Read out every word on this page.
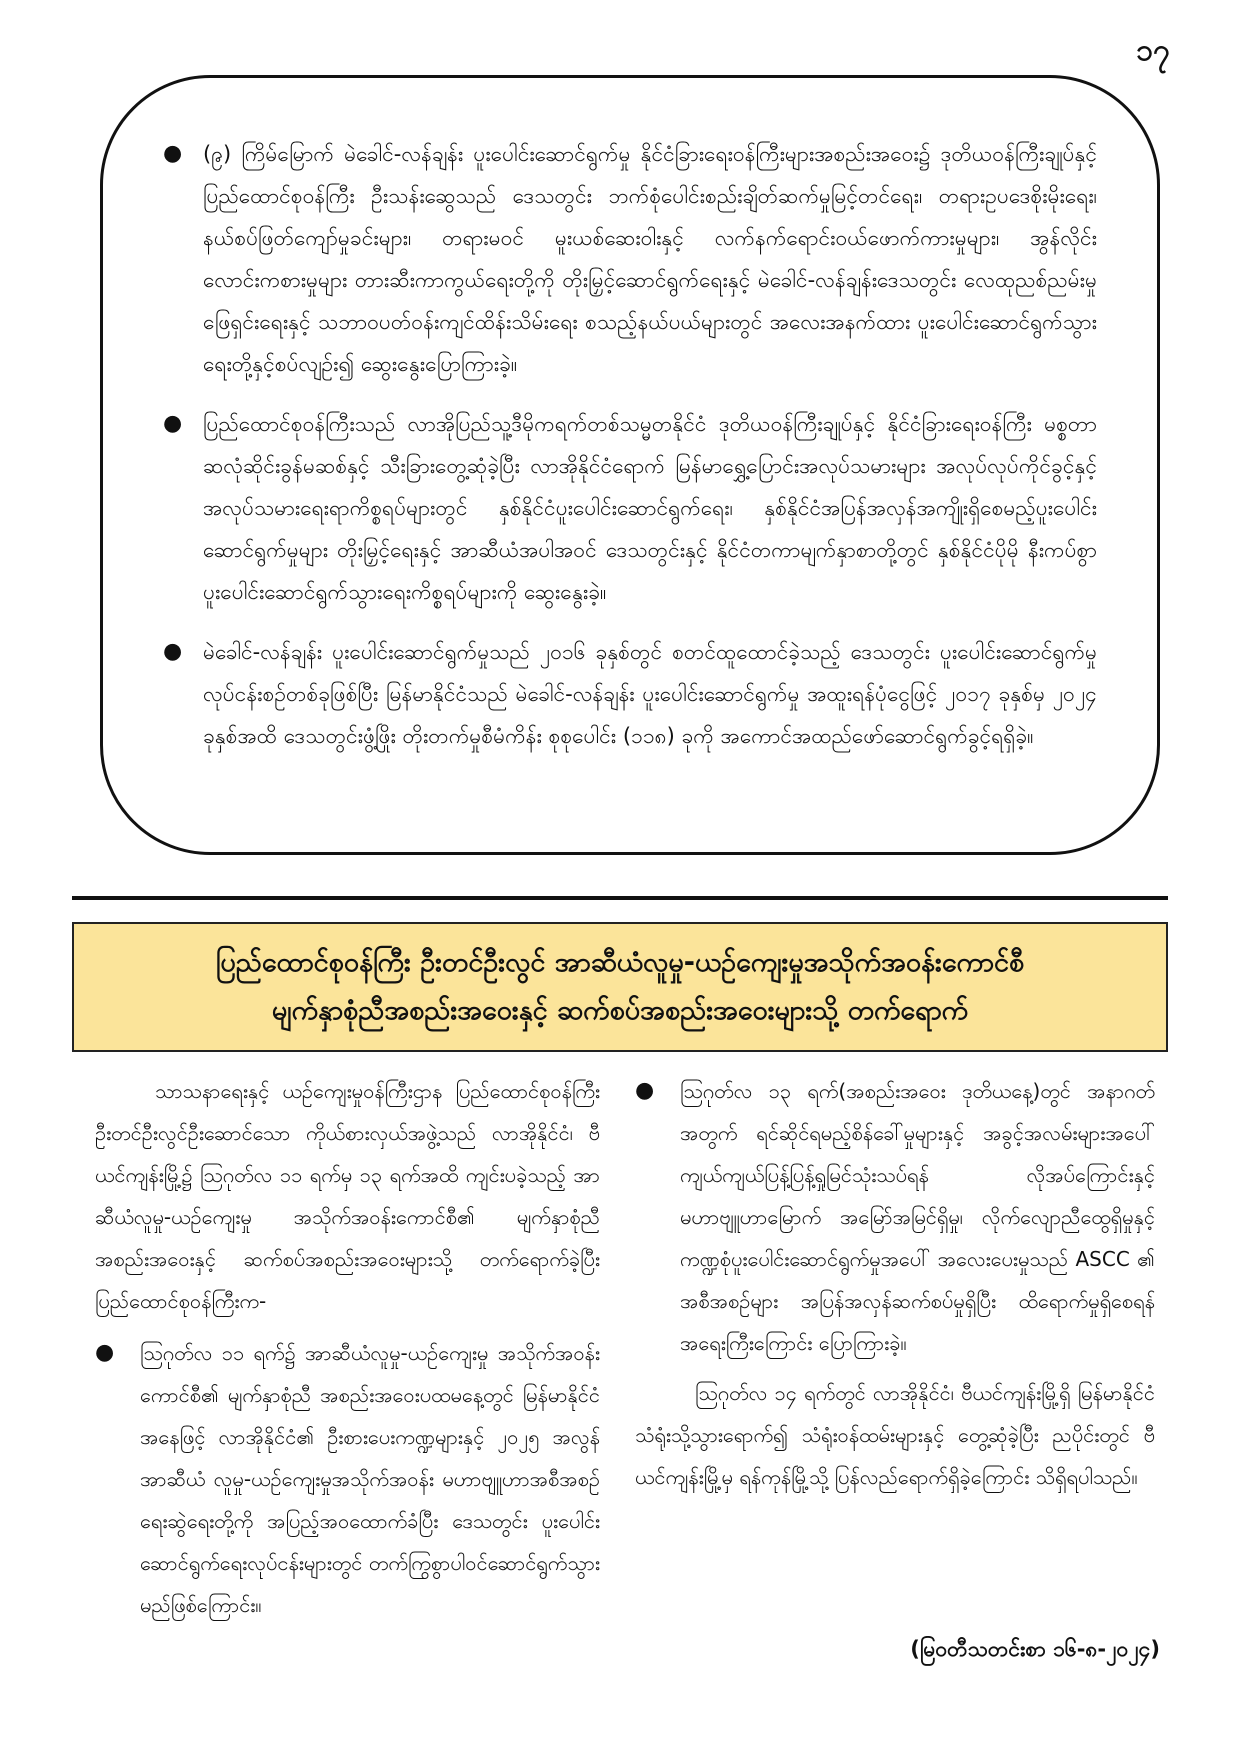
၁၇
● (၉) ကြိမ်မြောက် မဲခေါင်-လန်ချန်း ပူးပေါင်းဆောင်ရွက်မှု နိုင်ငံခြားရေးဝန်ကြီးများအစည်းအဝေး၌ ဒုတိယဝန်ကြီးချုပ်နှင့် ပြည်ထောင်စုဝန်ကြီး ဦးသန်းဆွေသည် ဒေသတွင်း ဘက်စုံပေါင်းစည်းချိတ်ဆက်မှုမြင့်တင်ရေး၊ တရားဥပဒေစိုးမိုးရေး၊ နယ်စပ်ဖြတ်ကျော်မှုခင်းများ၊ တရားမဝင် မူးယစ်ဆေးဝါးနှင့် လက်နက်ရောင်းဝယ်ဖောက်ကားမှုများ၊ အွန်လိုင်းလောင်းကစားမှုများ တားဆီးကာကွယ်ရေးတို့ကို တိုးမြှင့်ဆောင်ရွက်ရေးနှင့် မဲခေါင်-လန်ချန်းဒေသတွင်း လေထုညစ်ညမ်းမှု ဖြေရှင်းရေးနှင့် သဘာဝပတ်ဝန်းကျင်ထိန်းသိမ်းရေး စသည့်နယ်ပယ်များတွင် အလေးအနက်ထား ပူးပေါင်းဆောင်ရွက်သွားရေးတို့နှင့်စပ်လျဉ်း၍ ဆွေးနွေးပြောကြားခဲ့။
● ပြည်ထောင်စုဝန်ကြီးသည် လာအိုပြည်သူ့ဒီမိုကရက်တစ်သမ္မတနိုင်ငံ ဒုတိယဝန်ကြီးချုပ်နှင့် နိုင်ငံခြားရေးဝန်ကြီး မစ္စတာဆလုံဆိုင်းခွန်မဆစ်နှင့် သီးခြားတွေ့ဆုံခဲ့ပြီး လာအိုနိုင်ငံရောက် မြန်မာရွှေ့ပြောင်းအလုပ်သမားများ အလုပ်လုပ်ကိုင်ခွင့်နှင့် အလုပ်သမားရေးရာကိစ္စရပ်များတွင် နှစ်နိုင်ငံပူးပေါင်းဆောင်ရွက်ရေး၊ နှစ်နိုင်ငံအပြန်အလှန်အကျိုးရှိစေမည့်ပူးပေါင်းဆောင်ရွက်မှုများ တိုးမြှင့်ရေးနှင့် အာဆီယံအပါအဝင် ဒေသတွင်းနှင့် နိုင်ငံတကာမျက်နှာစာတို့တွင် နှစ်နိုင်ငံပိုမို နီးကပ်စွာပူးပေါင်းဆောင်ရွက်သွားရေးကိစ္စရပ်များကို ဆွေးနွေးခဲ့။
● မဲခေါင်-လန်ချန်း ပူးပေါင်းဆောင်ရွက်မှုသည် ၂၀၁၆ ခုနှစ်တွင် စတင်ထူထောင်ခဲ့သည့် ဒေသတွင်း ပူးပေါင်းဆောင်ရွက်မှုလုပ်ငန်းစဉ်တစ်ခုဖြစ်ပြီး မြန်မာနိုင်ငံသည် မဲခေါင်-လန်ချန်း ပူးပေါင်းဆောင်ရွက်မှု အထူးရန်ပုံငွေဖြင့် ၂၀၁၇ ခုနှစ်မှ ၂၀၂၄ ခုနှစ်အထိ ဒေသတွင်းဖွံ့ဖြိုး တိုးတက်မှုစီမံကိန်း စုစုပေါင်း (၁၁၈) ခုကို အကောင်အထည်ဖော်ဆောင်ရွက်ခွင့်ရရှိခဲ့။
ပြည်ထောင်စုဝန်ကြီး ဦးတင်ဦးလွင် အာဆီယံလူမှု-ယဉ်ကျေးမှုအသိုက်အဝန်းကောင်စီ
မျက်နှာစုံညီအစည်းအဝေးနှင့် ဆက်စပ်အစည်းအဝေးများသို့ တက်ရောက်

သာသနာရေးနှင့် ယဉ်ကျေးမှုဝန်ကြီးဌာန ပြည်ထောင်စုဝန်ကြီး ဦးတင်ဦးလွင်ဦးဆောင်သော ကိုယ်စားလှယ်အဖွဲ့သည် လာအိုနိုင်ငံ၊ ဗီယင်ကျန်းမြို့၌ ဩဂုတ်လ ၁၁ ရက်မှ ၁၃ ရက်အထိ ကျင်းပခဲ့သည့် အာဆီယံလူမှု-ယဉ်ကျေးမှု အသိုက်အဝန်းကောင်စီ၏ မျက်နှာစုံညီအစည်းအဝေးနှင့် ဆက်စပ်အစည်းအဝေးများသို့ တက်ရောက်ခဲ့ပြီး ပြည်ထောင်စုဝန်ကြီးက-

● ဩဂုတ်လ ၁၁ ရက်၌ အာဆီယံလူမှု-ယဉ်ကျေးမှု အသိုက်အဝန်းကောင်စီ၏ မျက်နှာစုံညီ အစည်းအဝေးပထမနေ့တွင် မြန်မာနိုင်ငံအနေဖြင့် လာအိုနိုင်ငံ၏ ဦးစားပေးကဏ္ဍများနှင့် ၂၀၂၅ အလွန် အာဆီယံ လူမှု-ယဉ်ကျေးမှုအသိုက်အဝန်း မဟာဗျူဟာအစီအစဉ်ရေးဆွဲရေးတို့ကို အပြည့်အဝထောက်ခံပြီး ဒေသတွင်း ပူးပေါင်းဆောင်ရွက်ရေးလုပ်ငန်းများတွင် တက်ကြွစွာပါဝင်ဆောင်ရွက်သွားမည်ဖြစ်ကြောင်း။
● ဩဂုတ်လ ၁၃ ရက်(အစည်းအဝေး ဒုတိယနေ့)တွင် အနာဂတ်အတွက် ရင်ဆိုင်ရမည့်စိန်ခေါ်မှုများနှင့် အခွင့်အလမ်းများအပေါ် ကျယ်ကျယ်ပြန့်ပြန့်ရှုမြင်သုံးသပ်ရန် လိုအပ်ကြောင်းနှင့် မဟာဗျူဟာမြောက် အမြော်အမြင်ရှိမှု၊ လိုက်လျောညီထွေရှိမှုနှင့် ကဏ္ဍစုံပူးပေါင်းဆောင်ရွက်မှုအပေါ် အလေးပေးမှုသည် ASCC ၏ အစီအစဉ်များ အပြန်အလှန်ဆက်စပ်မှုရှိပြီး ထိရောက်မှုရှိစေရန် အရေးကြီးကြောင်း ပြောကြားခဲ့။

ဩဂုတ်လ ၁၄ ရက်တွင် လာအိုနိုင်ငံ၊ ဗီယင်ကျန်းမြို့ရှိ မြန်မာနိုင်ငံသံရုံးသို့သွားရောက်၍ သံရုံးဝန်ထမ်းများနှင့် တွေ့ဆုံခဲ့ပြီး ညပိုင်းတွင် ဗီယင်ကျန်းမြို့မှ ရန်ကုန်မြို့သို့ ပြန်လည်ရောက်ရှိခဲ့ကြောင်း သိရှိရပါသည်။

(မြဝတီသတင်းစာ ၁၆-၈-၂၀၂၄)
